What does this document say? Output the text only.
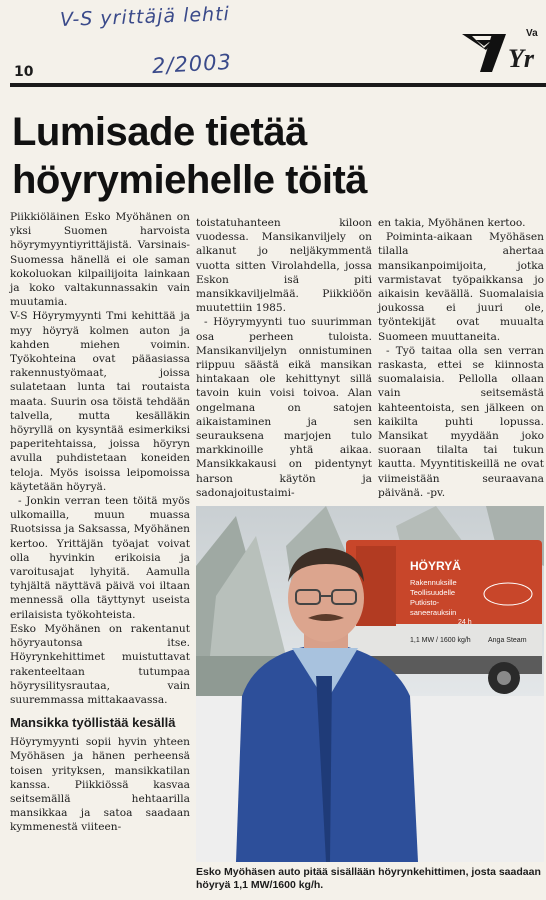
V-S yrittäjä lehti
2/2003
10
Va
Yr
Lumisade tietää
höyrymiehelle töitä

Piikkiöläinen Esko Myöhänen on yksi Suomen harvoista höyrymyyntiyrittäjistä. Varsinais-Suomessa hänellä ei ole saman kokoluokan kilpailijoita lainkaan ja koko valtakunnassakin vain muutamia.

V-S Höyrymyynti Tmi kehittää ja myy höyryä kolmen auton ja kahden miehen voimin. Työkohteina ovat pääasiassa rakennustyömaat, joissa sulatetaan lunta tai routaista maata. Suurin osa töistä tehdään talvella, mutta kesälläkin höyryllä on kysyntää esimerkiksi paperitehtaissa, joissa höyryn avulla puhdistetaan koneiden teloja. Myös isoissa leipomoissa käytetään höyryä.

- Jonkin verran teen töitä myös ulkomailla, muun muassa Ruotsissa ja Saksassa, Myöhänen kertoo. Yrittäjän työajat voivat olla hyvinkin erikoisia ja varoitusajat lyhyitä. Aamulla tyhjältä näyttävä päivä voi iltaan mennessä olla täyttynyt useista erilaisista työkohteista.

Esko Myöhänen on rakentanut höyryautonsa itse. Höyrynkehittimet muistuttavat rakenteeltaan tutumpaa höyrysilitysrautaa, vain suuremmassa mittakaavassa.

Mansikka työllistää kesällä

Höyrymyynti sopii hyvin yhteen Myöhäsen ja hänen perheensä toisen yrityksen, mansikkatilan kanssa. Piikkiössä kasvaa seitsemällä hehtaarilla mansikkaa ja satoa saadaan kymmenestä viiteen-

toistatuhanteen kiloon vuodessa. Mansikanviljely on alkanut jo neljäkymmentä vuotta sitten Virolahdella, jossa Eskon isä piti mansikkaviljelmää. Piikkiöön muutettiin 1985.

- Höyrymyynti tuo suurimman osa perheen tuloista. Mansikanviljelyn onnistuminen riippuu säästä eikä mansikan hintakaan ole kehittynyt sillä tavoin kuin voisi toivoa. Alan ongelmana on satojen aikaistaminen ja sen seurauksena marjojen tulo markkinoille yhtä aikaa. Mansikkakausi on pidentynyt harson käytön ja sadonajoitustaimi-

en takia, Myöhänen kertoo.

Poiminta-aikaan Myöhäsen tilalla ahertaa mansikanpoimijoita, jotka varmistavat työpaikkansa jo aikaisin keväällä. Suomalaisia joukossa ei juuri ole, työntekijät ovat muualta Suomeen muuttaneita.

- Työ taitaa olla sen verran raskasta, ettei se kiinnosta suomalaisia. Pellolla ollaan vain seitsemästä kahteentoista, sen jälkeen on kaikilta puhti lopussa. Mansikat myydään joko suoraan tilalta tai tukun kautta. Myyntitiskeillä ne ovat viimeistään seuraavana päivänä. -pv.

HÖYRYÄ
Rakennuksille
Teollisuudelle
Putkisto-
saneerauksiin
24 h
1,1 MW / 1600 kg/h Anga Steam
Esko Myöhäsen auto pitää sisällään höyrynkehittimen, josta saadaan höyryä 1,1 MW/1600 kg/h.
